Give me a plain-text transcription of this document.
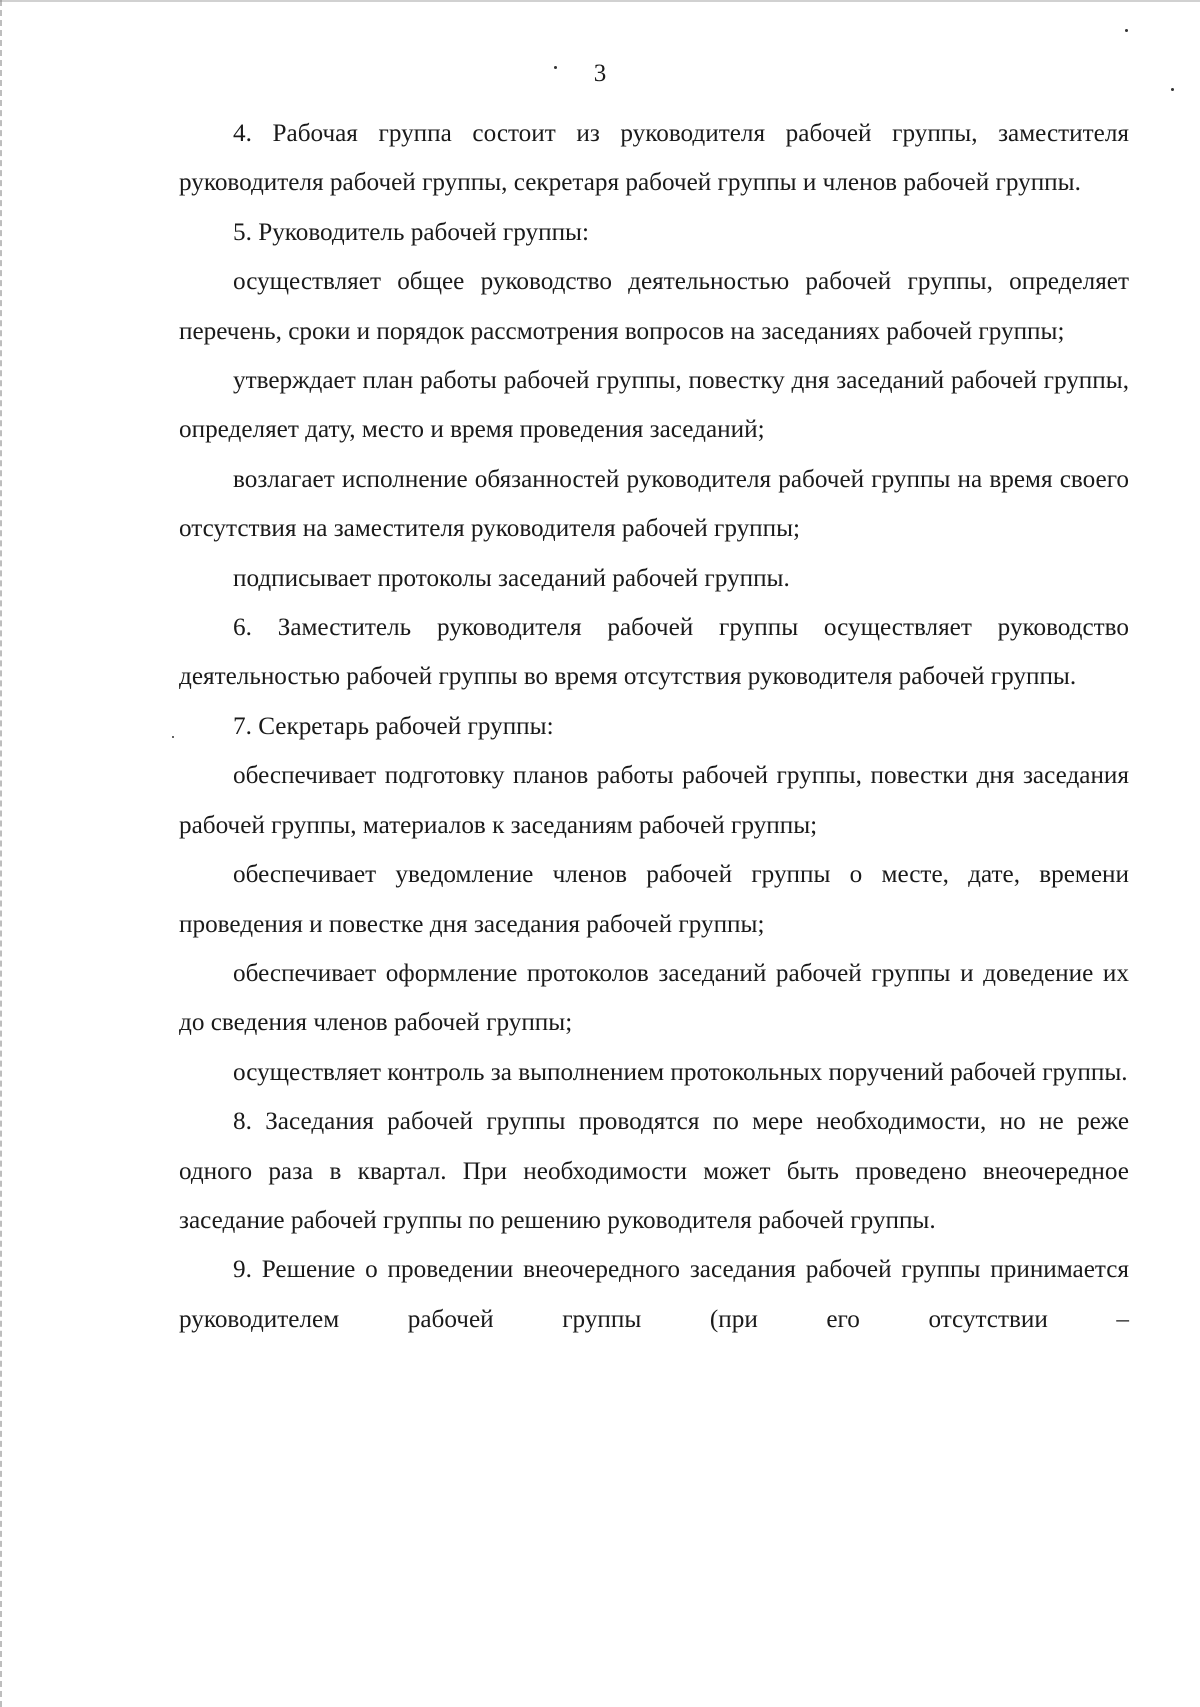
3

4. Рабочая группа состоит из руководителя рабочей группы, заместителя руководителя рабочей группы, секретаря рабочей группы и членов рабочей группы.

5. Руководитель рабочей группы:

осуществляет общее руководство деятельностью рабочей группы, определяет перечень, сроки и порядок рассмотрения вопросов на заседаниях рабочей группы;

утверждает план работы рабочей группы, повестку дня заседаний рабочей группы, определяет дату, место и время проведения заседаний;

возлагает исполнение обязанностей руководителя рабочей группы на время своего отсутствия на заместителя руководителя рабочей группы;

подписывает протоколы заседаний рабочей группы.

6. Заместитель руководителя рабочей группы осуществляет руководство деятельностью рабочей группы во время отсутствия руководителя рабочей группы.

7. Секретарь рабочей группы:

обеспечивает подготовку планов работы рабочей группы, повестки дня заседания рабочей группы, материалов к заседаниям рабочей группы;

обеспечивает уведомление членов рабочей группы о месте, дате, времени проведения и повестке дня заседания рабочей группы;

обеспечивает оформление протоколов заседаний рабочей группы и доведение их до сведения членов рабочей группы;

осуществляет контроль за выполнением протокольных поручений рабочей группы.

8. Заседания рабочей группы проводятся по мере необходимости, но не реже одного раза в квартал. При необходимости может быть проведено внеочередное заседание рабочей группы по решению руководителя рабочей группы.

9. Решение о проведении внеочередного заседания рабочей группы принимается руководителем рабочей группы (при его отсутствии –
